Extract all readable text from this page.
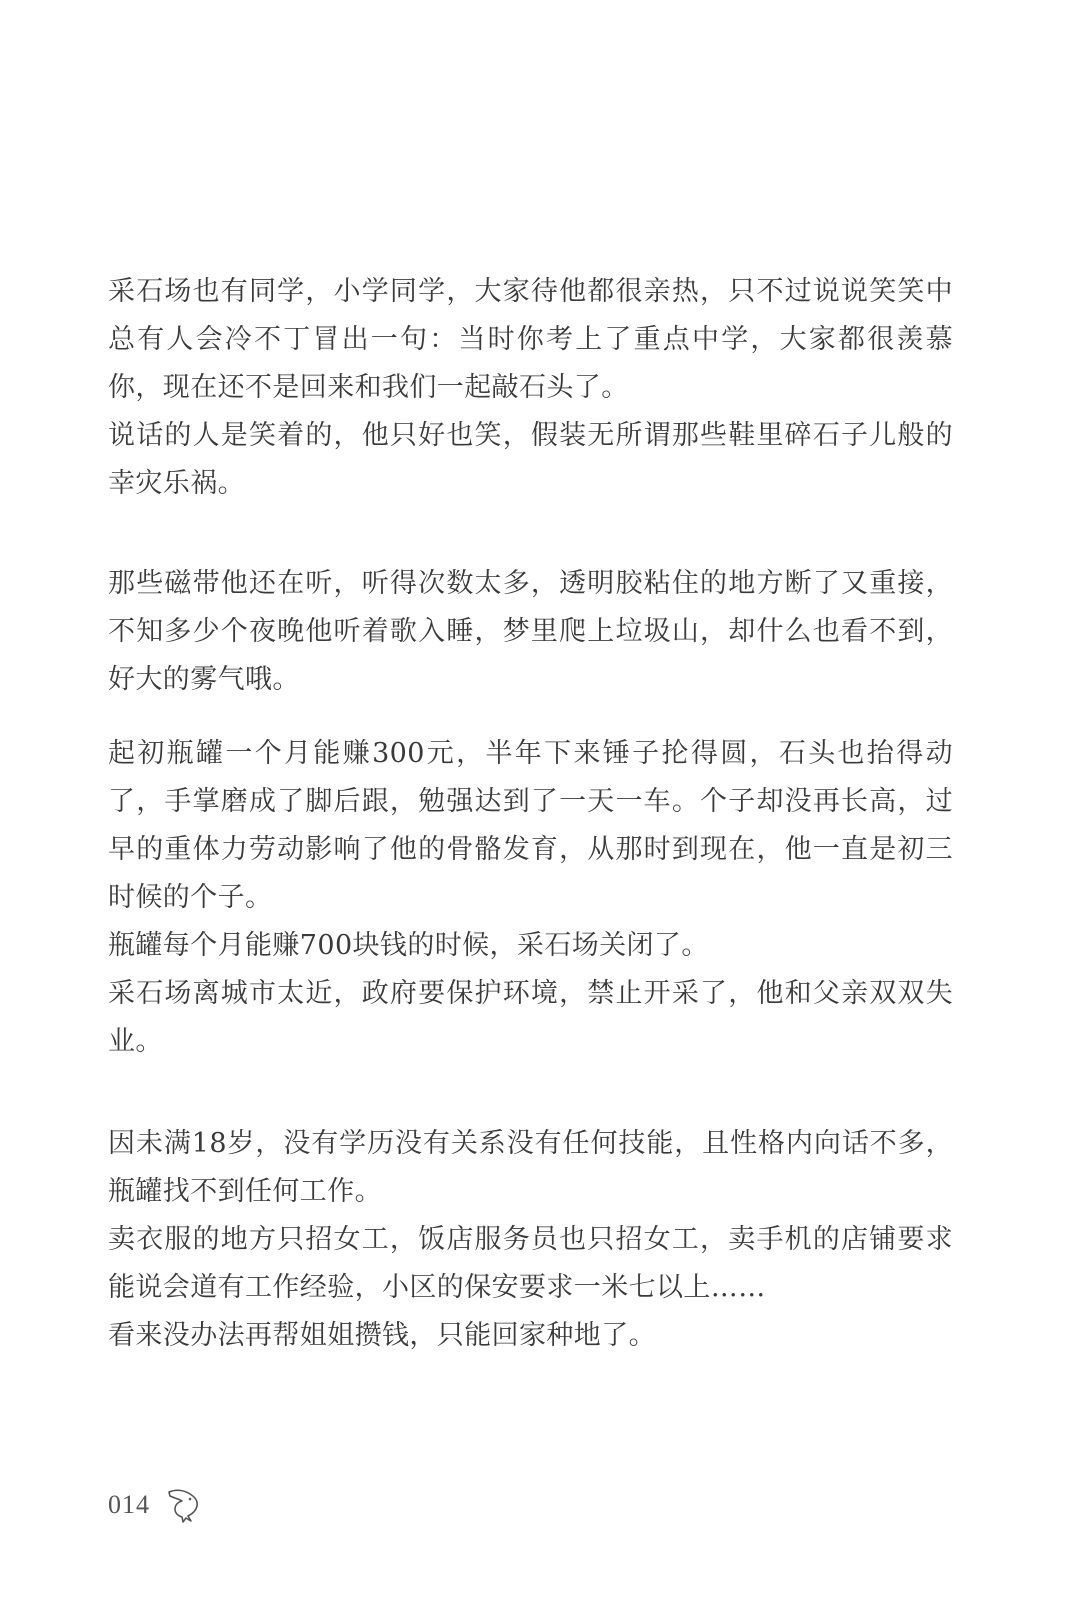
采石场也有同学，小学同学，大家待他都很亲热，只不过说说笑笑中总有人会冷不丁冒出一句：当时你考上了重点中学，大家都很羡慕你，现在还不是回来和我们一起敲石头了。

说话的人是笑着的，他只好也笑，假装无所谓那些鞋里碎石子儿般的幸灾乐祸。

那些磁带他还在听，听得次数太多，透明胶粘住的地方断了又重接，不知多少个夜晚他听着歌入睡，梦里爬上垃圾山，却什么也看不到，好大的雾气哦。

起初瓶罐一个月能赚300元，半年下来锤子抡得圆，石头也抬得动了，手掌磨成了脚后跟，勉强达到了一天一车。个子却没再长高，过早的重体力劳动影响了他的骨骼发育，从那时到现在，他一直是初三时候的个子。

瓶罐每个月能赚700块钱的时候，采石场关闭了。

采石场离城市太近，政府要保护环境，禁止开采了，他和父亲双双失业。

因未满18岁，没有学历没有关系没有任何技能，且性格内向话不多，瓶罐找不到任何工作。

卖衣服的地方只招女工，饭店服务员也只招女工，卖手机的店铺要求能说会道有工作经验，小区的保安要求一米七以上……

看来没办法再帮姐姐攒钱，只能回家种地了。

014
